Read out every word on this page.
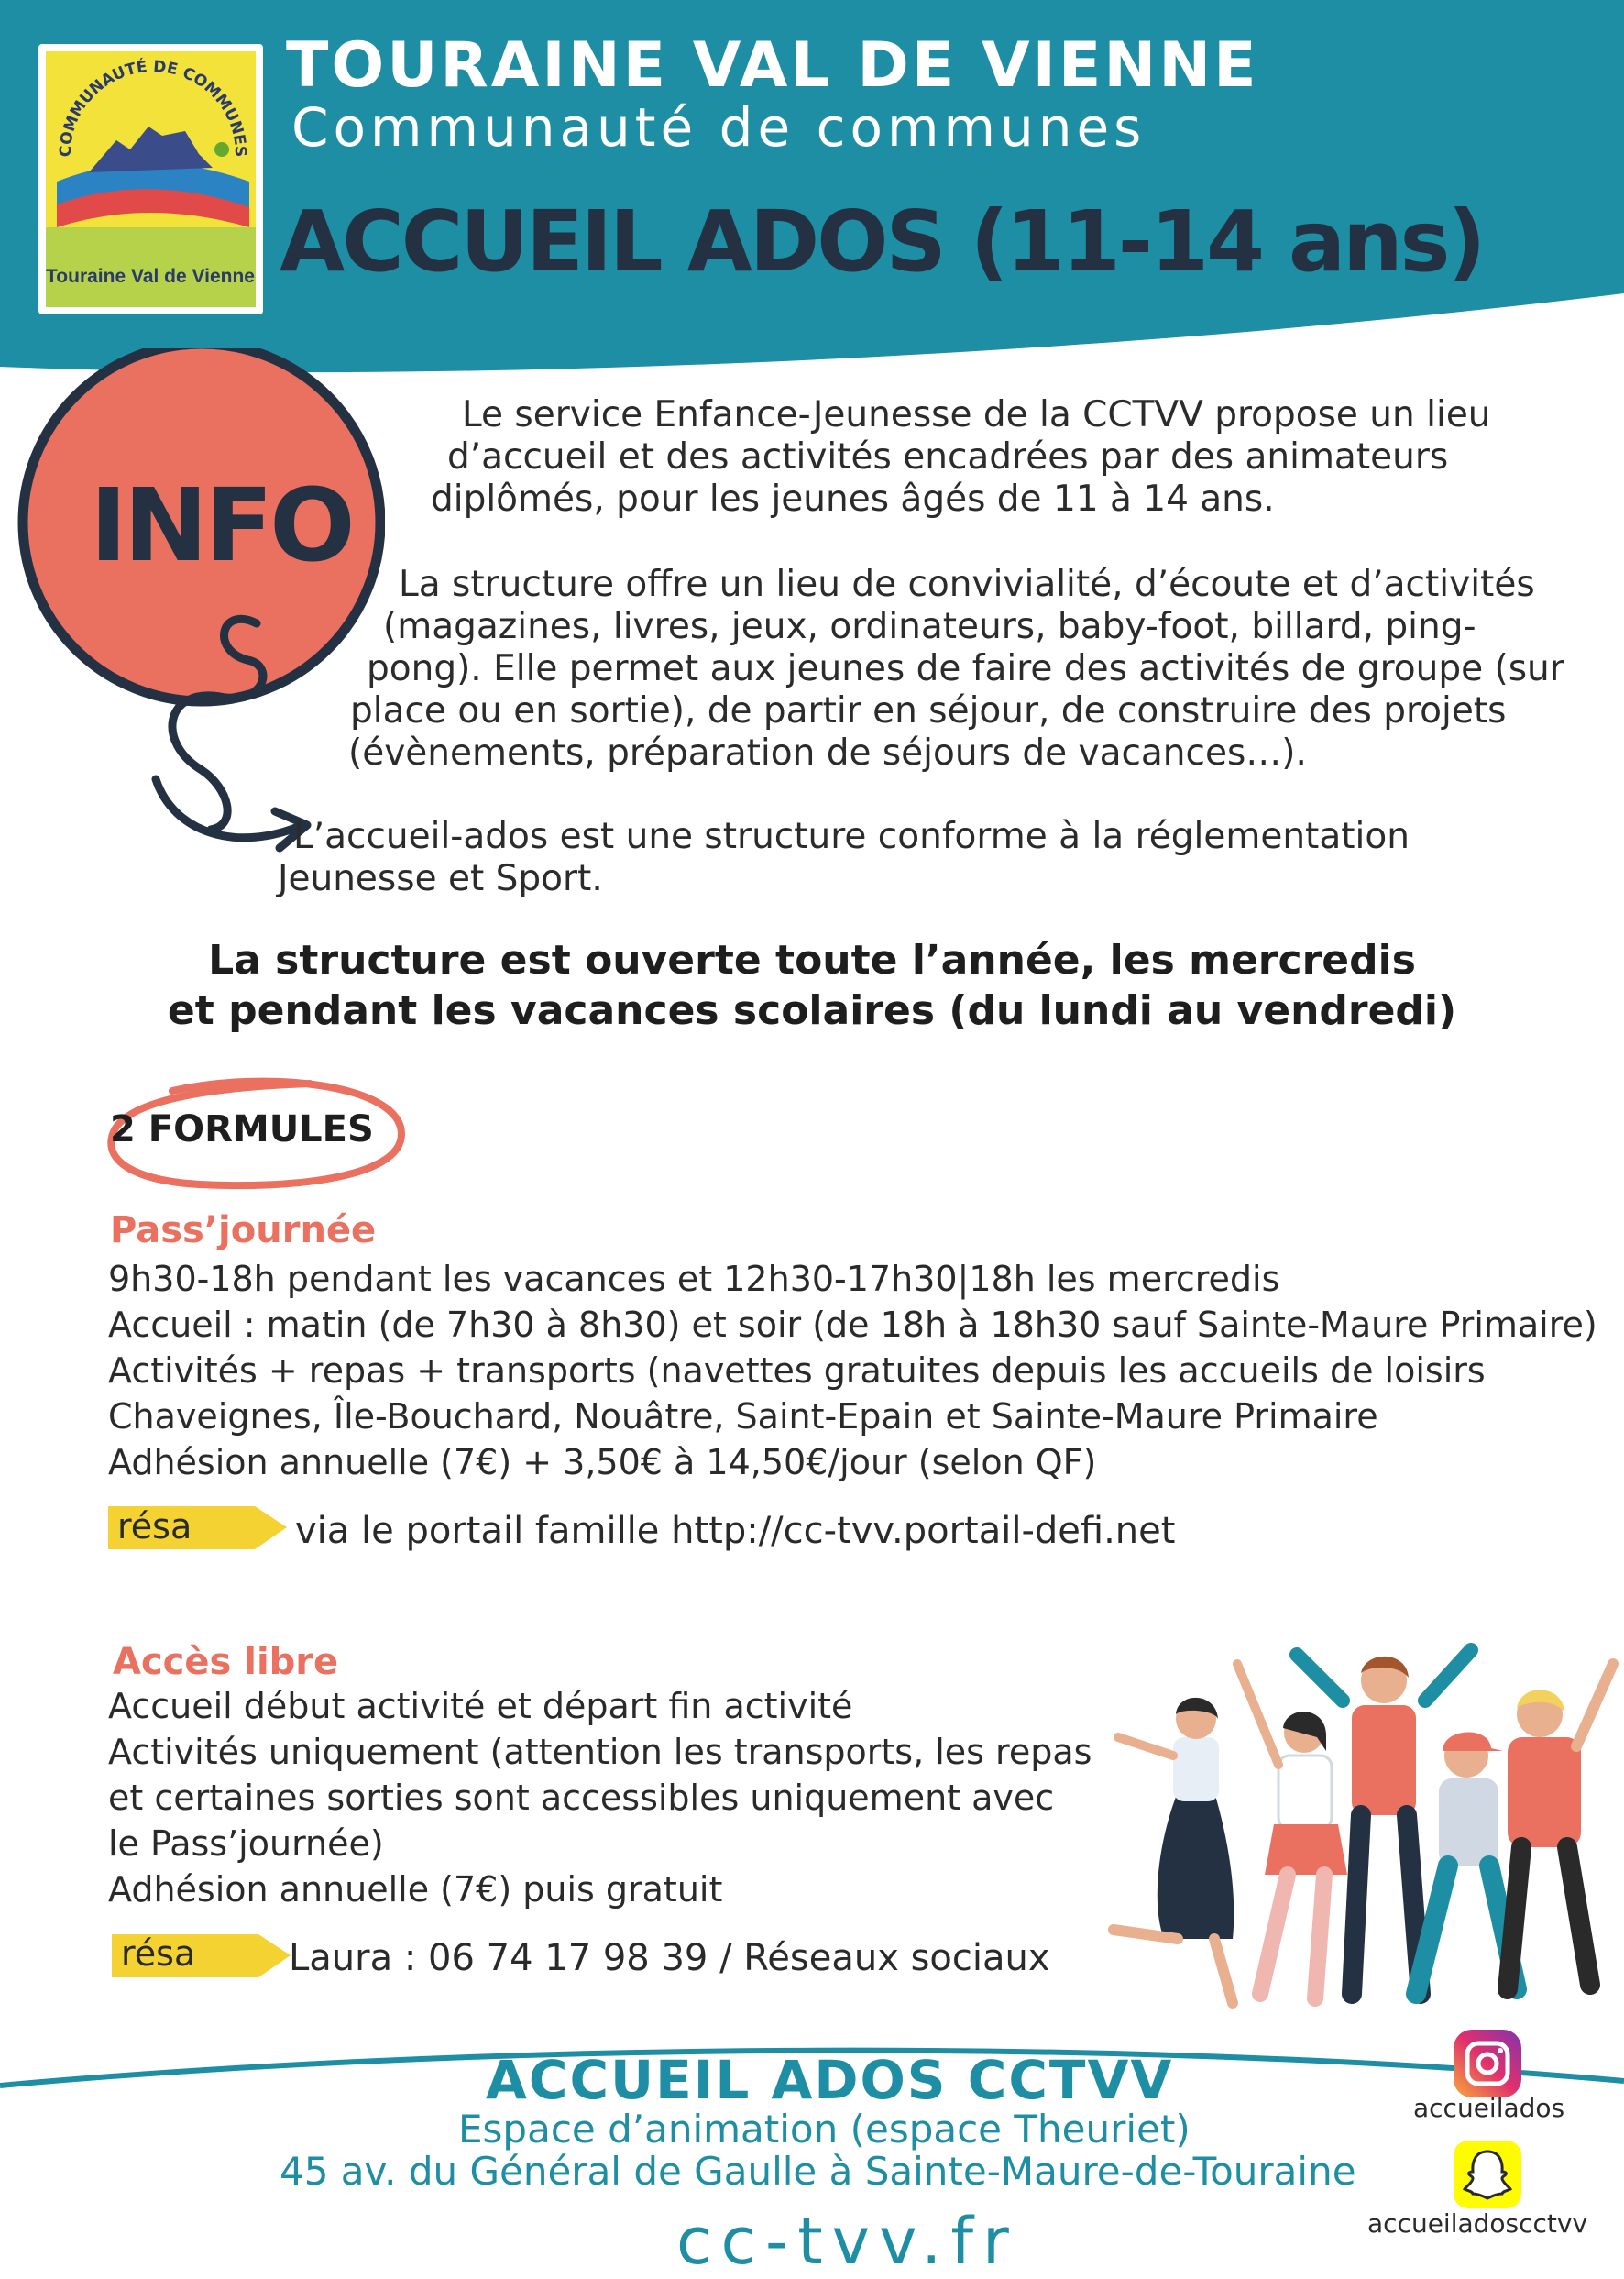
COMMUNAUTÉ DE COMMUNES
Touraine Val de Vienne
TOURAINE VAL DE VIENNE
Communauté de communes
ACCUEIL ADOS (11-14 ans)
INFO
Le service Enfance-Jeunesse de la CCTVV propose un lieu
d’accueil et des activités encadrées par des animateurs
diplômés, pour les jeunes âgés de 11 à 14 ans.
La structure offre un lieu de convivialité, d’écoute et d’activités
(magazines, livres, jeux, ordinateurs, baby-foot, billard, ping-
pong). Elle permet aux jeunes de faire des activités de groupe (sur
place ou en sortie), de partir en séjour, de construire des projets
(évènements, préparation de séjours de vacances…).
L’accueil-ados est une structure conforme à la réglementation
Jeunesse et Sport.
La structure est ouverte toute l’année, les mercredis
et pendant les vacances scolaires (du lundi au vendredi)
2 FORMULES
Pass’journée
9h30-18h pendant les vacances et 12h30-17h30|18h les mercredis
Accueil : matin (de 7h30 à 8h30) et soir (de 18h à 18h30 sauf Sainte-Maure Primaire)
Activités + repas + transports (navettes gratuites depuis les accueils de loisirs
Chaveignes, Île-Bouchard, Nouâtre, Saint-Epain et Sainte-Maure Primaire
Adhésion annuelle (7€) + 3,50€ à 14,50€/jour (selon QF)
résa	via le portail famille http://cc-tvv.portail-defi.net
Accès libre
Accueil début activité et départ fin activité
Activités uniquement (attention les transports, les repas
et certaines sorties sont accessibles uniquement avec
le Pass’journée)
Adhésion annuelle (7€) puis gratuit
résa	Laura : 06 74 17 98 39 / Réseaux sociaux
ACCUEIL ADOS CCTVV
Espace d’animation (espace Theuriet)
45 av. du Général de Gaulle à Sainte-Maure-de-Touraine
cc-tvv.fr
accueilados
accueiladoscctvv
